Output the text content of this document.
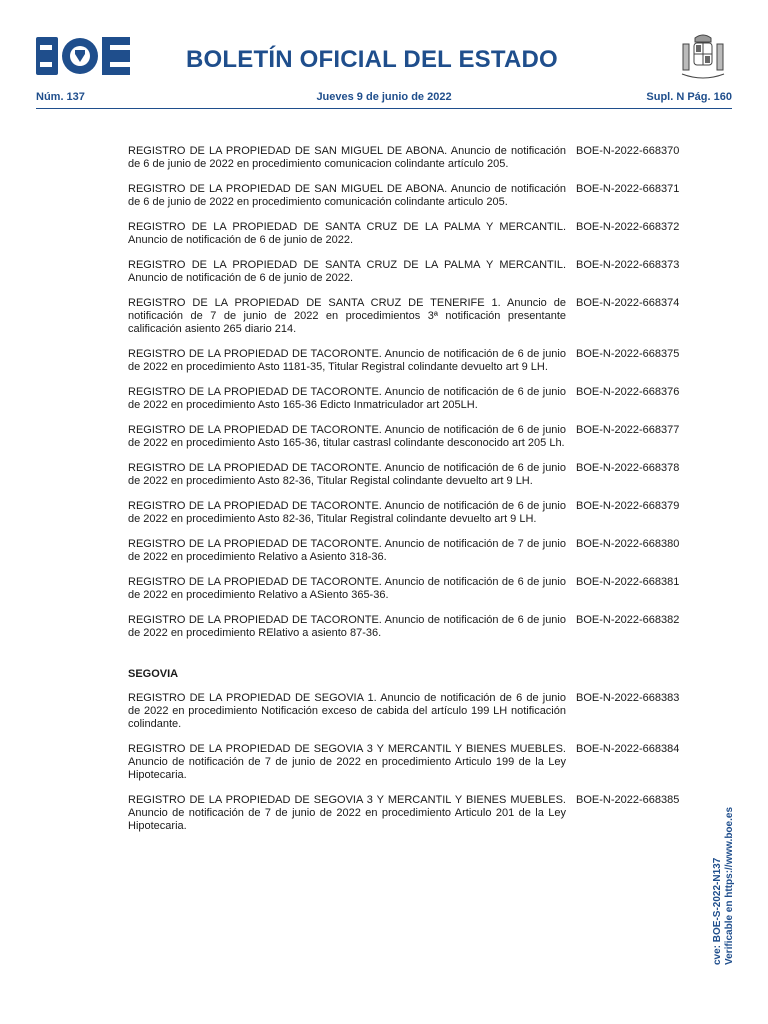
BOLETÍN OFICIAL DEL ESTADO
Núm. 137	Jueves 9 de junio de 2022	Supl. N Pág. 160
REGISTRO DE LA PROPIEDAD DE SAN MIGUEL DE ABONA. Anuncio de notificación de 6 de junio de 2022 en procedimiento comunicacion colindante artículo 205.
BOE-N-2022-668370
REGISTRO DE LA PROPIEDAD DE SAN MIGUEL DE ABONA. Anuncio de notificación de 6 de junio de 2022 en procedimiento comunicación colindante articulo 205.
BOE-N-2022-668371
REGISTRO DE LA PROPIEDAD DE SANTA CRUZ DE LA PALMA Y MERCANTIL. Anuncio de notificación de 6 de junio de 2022.
BOE-N-2022-668372
REGISTRO DE LA PROPIEDAD DE SANTA CRUZ DE LA PALMA Y MERCANTIL. Anuncio de notificación de 6 de junio de 2022.
BOE-N-2022-668373
REGISTRO DE LA PROPIEDAD DE SANTA CRUZ DE TENERIFE 1. Anuncio de notificación de 7 de junio de 2022 en procedimientos 3ª notificación presentante calificación asiento 265 diario 214.
BOE-N-2022-668374
REGISTRO DE LA PROPIEDAD DE TACORONTE. Anuncio de notificación de 6 de junio de 2022 en procedimiento Asto 1181-35, Titular Registral colindante devuelto art 9 LH.
BOE-N-2022-668375
REGISTRO DE LA PROPIEDAD DE TACORONTE. Anuncio de notificación de 6 de junio de 2022 en procedimiento Asto 165-36 Edicto Inmatriculador art 205LH.
BOE-N-2022-668376
REGISTRO DE LA PROPIEDAD DE TACORONTE. Anuncio de notificación de 6 de junio de 2022 en procedimiento Asto 165-36, titular castrasl colindante desconocido art 205 Lh.
BOE-N-2022-668377
REGISTRO DE LA PROPIEDAD DE TACORONTE. Anuncio de notificación de 6 de junio de 2022 en procedimiento Asto 82-36, Titular Registal colindante devuelto art 9 LH.
BOE-N-2022-668378
REGISTRO DE LA PROPIEDAD DE TACORONTE. Anuncio de notificación de 6 de junio de 2022 en procedimiento Asto 82-36, Titular Registral colindante devuelto art 9 LH.
BOE-N-2022-668379
REGISTRO DE LA PROPIEDAD DE TACORONTE. Anuncio de notificación de 7 de junio de 2022 en procedimiento Relativo a Asiento 318-36.
BOE-N-2022-668380
REGISTRO DE LA PROPIEDAD DE TACORONTE. Anuncio de notificación de 6 de junio de 2022 en procedimiento Relativo a ASiento 365-36.
BOE-N-2022-668381
REGISTRO DE LA PROPIEDAD DE TACORONTE. Anuncio de notificación de 6 de junio de 2022 en procedimiento RElativo a asiento 87-36.
BOE-N-2022-668382
SEGOVIA
REGISTRO DE LA PROPIEDAD DE SEGOVIA 1. Anuncio de notificación de 6 de junio de 2022 en procedimiento Notificación exceso de cabida del artículo 199 LH notificación colindante.
BOE-N-2022-668383
REGISTRO DE LA PROPIEDAD DE SEGOVIA 3 Y MERCANTIL Y BIENES MUEBLES. Anuncio de notificación de 7 de junio de 2022 en procedimiento Articulo 199 de la Ley Hipotecaria.
BOE-N-2022-668384
REGISTRO DE LA PROPIEDAD DE SEGOVIA 3 Y MERCANTIL Y BIENES MUEBLES. Anuncio de notificación de 7 de junio de 2022 en procedimiento Articulo 201 de la Ley Hipotecaria.
BOE-N-2022-668385
cve: BOE-S-2022-N137 Verificable en https://www.boe.es
